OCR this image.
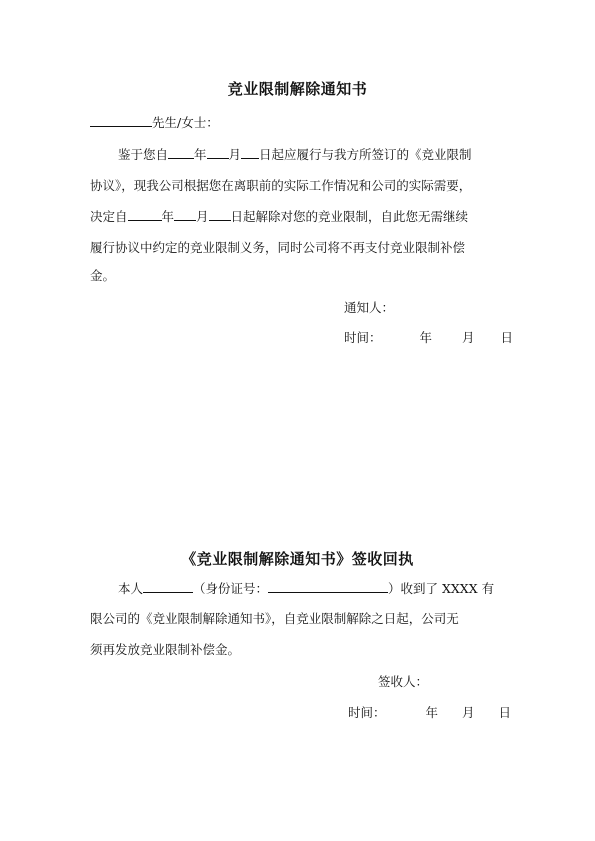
竞业限制解除通知书
先生/女士：
鉴于您自 年 月 日起应履行与我方所签订的《竞业限制
协议》，现我公司根据您在离职前的实际工作情况和公司的实际需要，
决定自	年 月 日起解除对您的竞业限制，自此您无需继续
履行协议中约定的竞业限制义务，同时公司将不再支付竞业限制补偿
金。
通知人：
时间：	年 月 日
《竞业限制解除通知书》签收回执
本人	（身份证号：	）收到了 XXXX 有
限公司的《竞业限制解除通知书》，自竞业限制解除之日起，公司无
须再发放竞业限制补偿金。
签收人：
时间：	年 月 日
